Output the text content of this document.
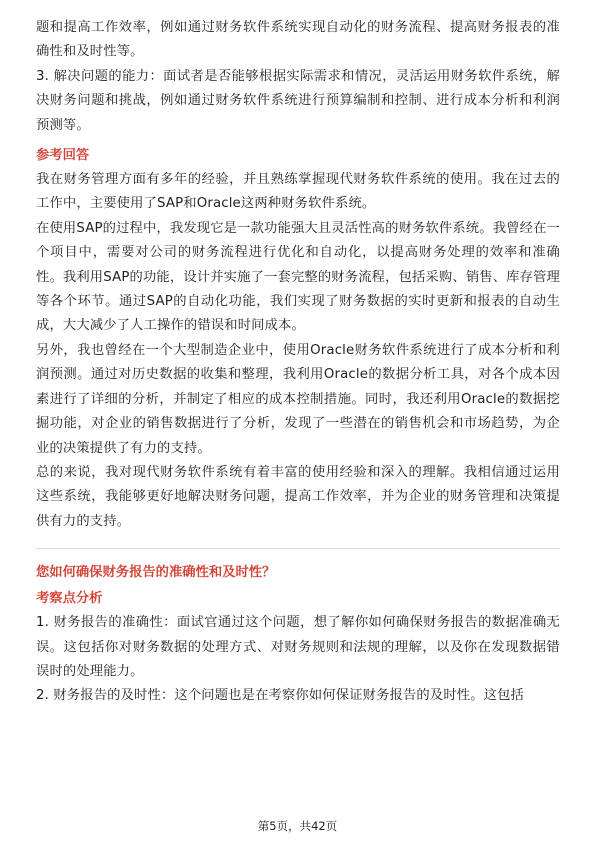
题和提高工作效率，例如通过财务软件系统实现自动化的财务流程、提高财务报表的准确性和及时性等。

3. 解决问题的能力：面试者是否能够根据实际需求和情况，灵活运用财务软件系统，解决财务问题和挑战，例如通过财务软件系统进行预算编制和控制、进行成本分析和利润预测等。

参考回答

我在财务管理方面有多年的经验，并且熟练掌握现代财务软件系统的使用。我在过去的工作中，主要使用了SAP和Oracle这两种财务软件系统。

在使用SAP的过程中，我发现它是一款功能强大且灵活性高的财务软件系统。我曾经在一个项目中，需要对公司的财务流程进行优化和自动化，以提高财务处理的效率和准确性。我利用SAP的功能，设计并实施了一套完整的财务流程，包括采购、销售、库存管理等各个环节。通过SAP的自动化功能，我们实现了财务数据的实时更新和报表的自动生成，大大减少了人工操作的错误和时间成本。

另外，我也曾经在一个大型制造企业中，使用Oracle财务软件系统进行了成本分析和利润预测。通过对历史数据的收集和整理，我利用Oracle的数据分析工具，对各个成本因素进行了详细的分析，并制定了相应的成本控制措施。同时，我还利用Oracle的数据挖掘功能，对企业的销售数据进行了分析，发现了一些潜在的销售机会和市场趋势，为企业的决策提供了有力的支持。

总的来说，我对现代财务软件系统有着丰富的使用经验和深入的理解。我相信通过运用这些系统，我能够更好地解决财务问题，提高工作效率，并为企业的财务管理和决策提供有力的支持。

您如何确保财务报告的准确性和及时性？
考察点分析

1. 财务报告的准确性：面试官通过这个问题，想了解你如何确保财务报告的数据准确无误。这包括你对财务数据的处理方式、对财务规则和法规的理解，以及你在发现数据错误时的处理能力。

2. 财务报告的及时性：这个问题也是在考察你如何保证财务报告的及时性。这包括

第5页，共42页
